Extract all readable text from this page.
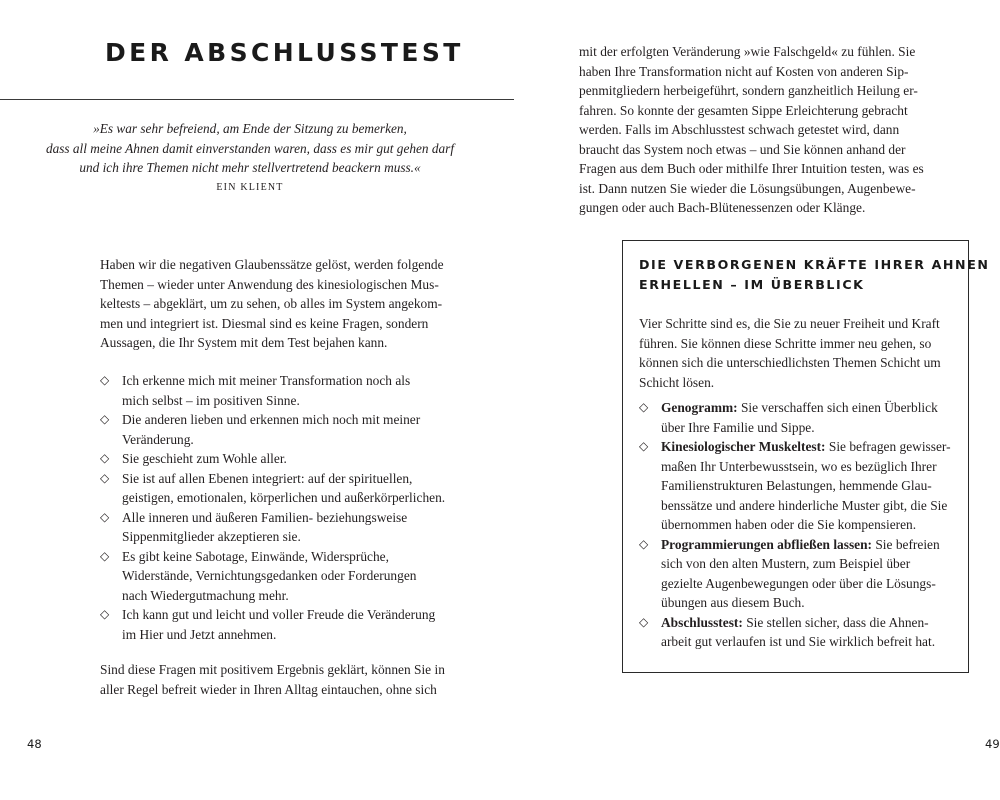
DER ABSCHLUSSTEST
»Es war sehr befreiend, am Ende der Sitzung zu bemerken,
dass all meine Ahnen damit einverstanden waren, dass es mir gut gehen darf
und ich ihre Themen nicht mehr stellvertretend beackern muss.«
EIN KLIENT
Haben wir die negativen Glaubenssätze gelöst, werden folgende
Themen – wieder unter Anwendung des kinesiologischen Mus-
keltests – abgeklärt, um zu sehen, ob alles im System angekom-
men und integriert ist. Diesmal sind es keine Fragen, sondern
Aussagen, die Ihr System mit dem Test bejahen kann.
◇ Ich erkenne mich mit meiner Transformation noch als
mich selbst – im positiven Sinne.
◇ Die anderen lieben und erkennen mich noch mit meiner
Veränderung.
◇ Sie geschieht zum Wohle aller.
◇ Sie ist auf allen Ebenen integriert: auf der spirituellen,
geistigen, emotionalen, körperlichen und außerkörperlichen.
◇ Alle inneren und äußeren Familien- beziehungsweise
Sippenmitglieder akzeptieren sie.
◇ Es gibt keine Sabotage, Einwände, Widersprüche,
Widerstände, Vernichtungsgedanken oder Forderungen
nach Wiedergutmachung mehr.
◇ Ich kann gut und leicht und voller Freude die Veränderung
im Hier und Jetzt annehmen.
Sind diese Fragen mit positivem Ergebnis geklärt, können Sie in
aller Regel befreit wieder in Ihren Alltag eintauchen, ohne sich
48
mit der erfolgten Veränderung »wie Falschgeld« zu fühlen. Sie
haben Ihre Transformation nicht auf Kosten von anderen Sip-
penmitgliedern herbeigeführt, sondern ganzheitlich Heilung er-
fahren. So konnte der gesamten Sippe Erleichterung gebracht
werden. Falls im Abschlusstest schwach getestet wird, dann
braucht das System noch etwas – und Sie können anhand der
Fragen aus dem Buch oder mithilfe Ihrer Intuition testen, was es
ist. Dann nutzen Sie wieder die Lösungsübungen, Augenbewe-
gungen oder auch Bach-Blütenessenzen oder Klänge.
DIE VERBORGENEN KRÄFTE IHRER AHNEN
ERHELLEN – IM ÜBERBLICK
Vier Schritte sind es, die Sie zu neuer Freiheit und Kraft
führen. Sie können diese Schritte immer neu gehen, so
können sich die unterschiedlichsten Themen Schicht um
Schicht lösen.
◇ Genogramm: Sie verschaffen sich einen Überblick
über Ihre Familie und Sippe.
◇ Kinesiologischer Muskeltest: Sie befragen gewisser-
maßen Ihr Unterbewusstsein, wo es bezüglich Ihrer
Familienstrukturen Belastungen, hemmende Glau-
benssätze und andere hinderliche Muster gibt, die Sie
übernommen haben oder die Sie kompensieren.
◇ Programmierungen abfließen lassen: Sie befreien
sich von den alten Mustern, zum Beispiel über
gezielte Augenbewegungen oder über die Lösungs-
übungen aus diesem Buch.
◇ Abschlusstest: Sie stellen sicher, dass die Ahnen-
arbeit gut verlaufen ist und Sie wirklich befreit hat.
49
